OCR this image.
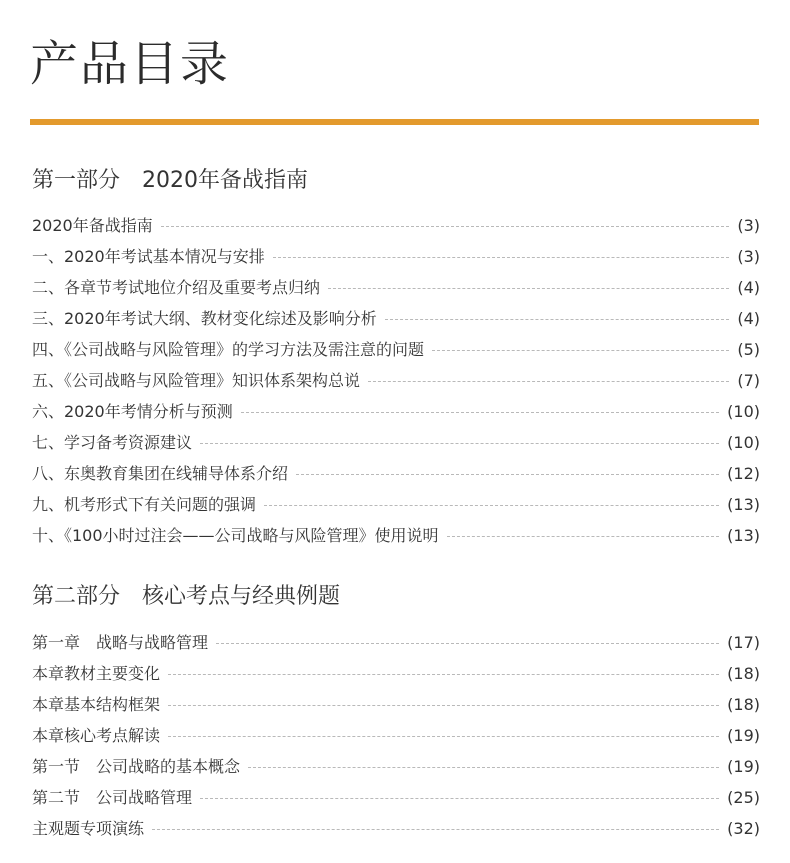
产品目录
第一部分　2020年备战指南
2020年备战指南	(3)
一、2020年考试基本情况与安排	(3)
二、各章节考试地位介绍及重要考点归纳	(4)
三、2020年考试大纲、教材变化综述及影响分析	(4)
四、《公司战略与风险管理》的学习方法及需注意的问题	(5)
五、《公司战略与风险管理》知识体系架构总说	(7)
六、2020年考情分析与预测	(10)
七、学习备考资源建议	(10)
八、东奥教育集团在线辅导体系介绍	(12)
九、机考形式下有关问题的强调	(13)
十、《100小时过注会——公司战略与风险管理》使用说明	(13)
第二部分　核心考点与经典例题
第一章　战略与战略管理	(17)
本章教材主要变化	(18)
本章基本结构框架	(18)
本章核心考点解读	(19)
第一节　公司战略的基本概念	(19)
第二节　公司战略管理	(25)
主观题专项演练	(32)
